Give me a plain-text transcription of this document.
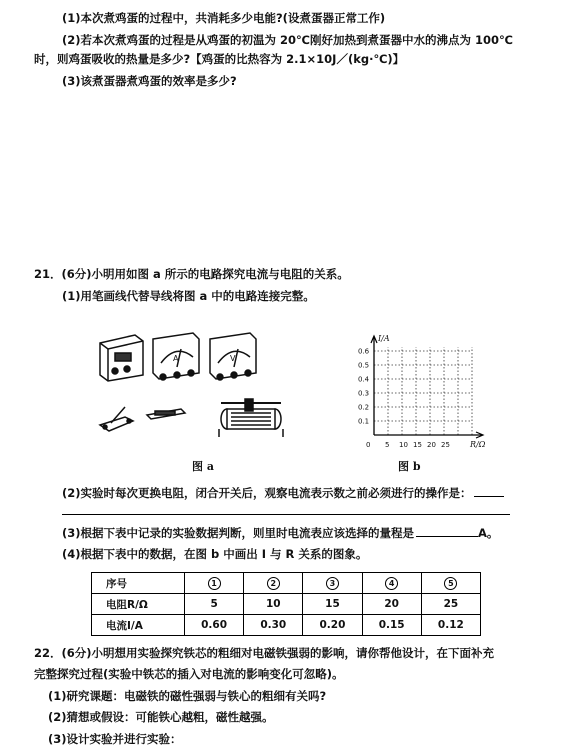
(1)本次煮鸡蛋的过程中，共消耗多少电能?(设煮蛋器正常工作)
(2)若本次煮鸡蛋的过程是从鸡蛋的初温为 20℃刚好加热到煮蛋器中水的沸点为 100℃
时，则鸡蛋吸收的热量是多少?【鸡蛋的比热容为 2.1×10J／(kg·℃)】
(3)该煮蛋器煮鸡蛋的效率是多少?
21．(6分)小明用如图 a 所示的电路探究电流与电阻的关系。
(1)用笔画线代替导线将图 a 中的电路连接完整。
A	V
图 a
0.6
0.5
0.4
0.3
0.2
0.1
0 5 10 15 20 25
I/A
R/Ω
图 b
(2)实验时每次更换电阻，闭合开关后，观察电流表示数之前必须进行的操作是：
(3)根据下表中记录的实验数据判断，则里时电流表应该选择的量程是	A。
(4)根据下表中的数据，在图 b 中画出 I 与 R 关系的图象。
序号	1	2	3	4	5
电阻R/Ω	5	10	15	20	25
电流I/A	0.60	0.30	0.20	0.15	0.12
22．(6分)小明想用实验探究铁芯的粗细对电磁铁强弱的影响，请你帮他设计，在下面补充
完整探究过程(实验中铁芯的插入对电流的影响变化可忽略)。
(1)研究课题：电磁铁的磁性强弱与铁心的粗细有关吗?
(2)猜想或假设：可能铁心越粗，磁性越强。
(3)设计实验并进行实验：
